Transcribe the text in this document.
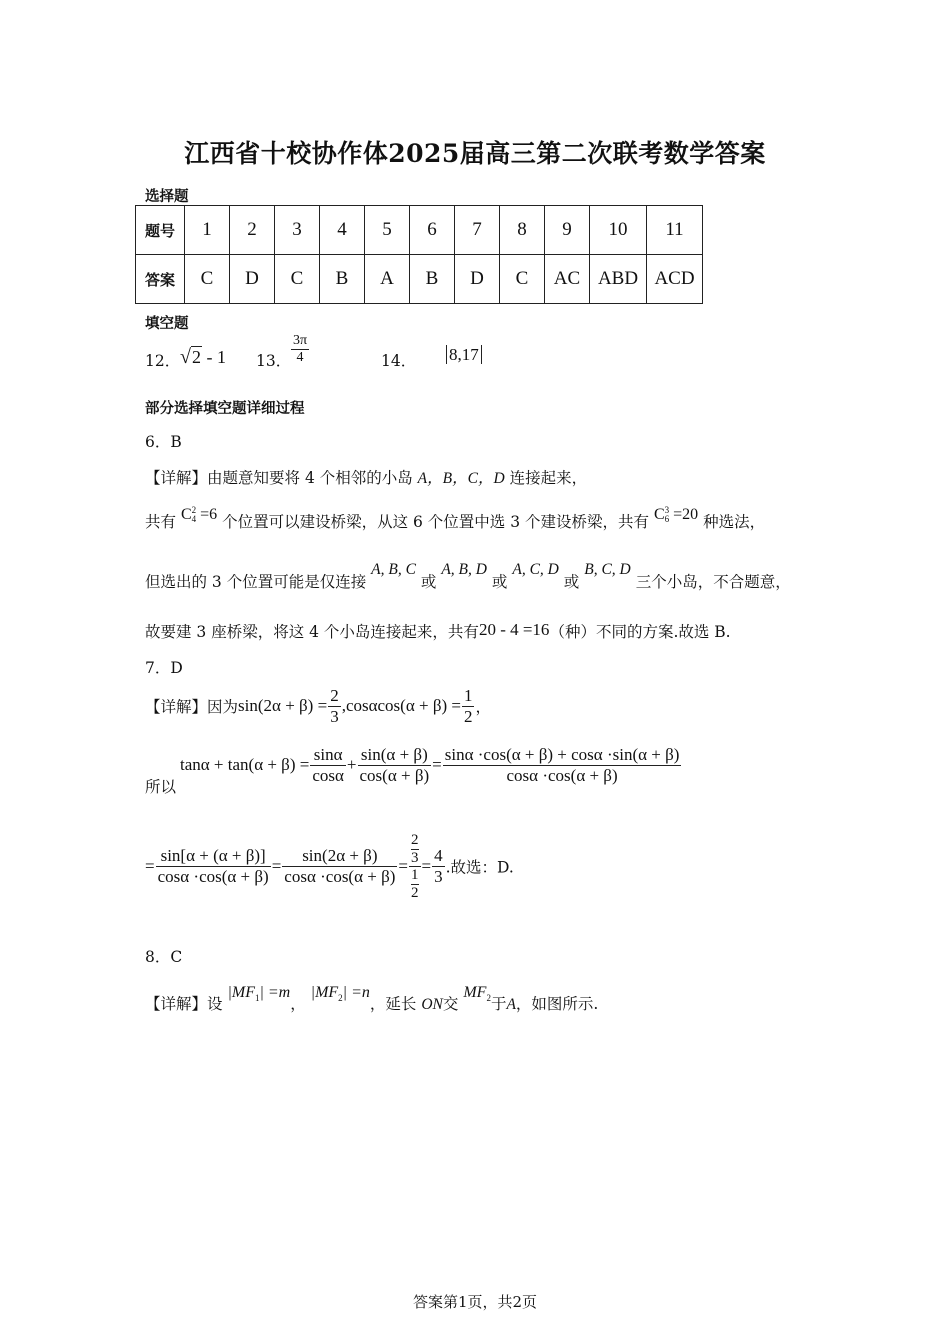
江西省十校协作体2025届高三第二次联考数学答案
选择题
题号	1	2	3	4	5	6	7	8	9	10	11
答案	C	D	C	B	A	B	D	C	AC	ABD	ACD
填空题
12． √2 - 1 13． $\frac{3\pi}{4}$	14． 8,17
部分选择填空题详细过程
6．B
【详解】由题意知要将 4 个相邻的小岛 A，B，C，D 连接起来，
共有 C 2
4 =6 个位置可以建设桥梁，从这 6 个位置中选 3 个建设桥梁，共有 C 3
6 =20 种选法，
但选出的 3 个位置可能是仅连接 A, B, C 或 A, B, D 或 A, C, D 或 B, C, D 三个小岛，不合题意，
故要建 3 座桥梁，将这 4 个小岛连接起来，共有20 - 4 =16（种）不同的方案.故选 B.
7．D
【详解】因为$\sin(2\alpha + \beta) = \frac{2}{3} ,\cos\alpha\cos(\alpha + \beta) = \frac{1}{2}$ ，
所以
$\tan\alpha + \tan(\alpha + \beta) = \frac{\sin\alpha}{\cos\alpha} + \frac{\sin(\alpha + \beta)}{\cos(\alpha + \beta)} = \frac{\sin\alpha \cdot\cos(\alpha + \beta) + \cos\alpha \cdot\sin(\alpha + \beta)}{\cos\alpha \cdot\cos(\alpha + \beta)}$
= $\frac{\sin[\alpha + (\alpha + \beta)]}{\cos\alpha \cdot\cos(\alpha + \beta)} = \frac{\sin(2\alpha + \beta)}{\cos\alpha \cdot\cos(\alpha + \beta)} = 2$
3
1
$2 = \frac{4}{3}$ .故选：D.
8．C
【详解】设 $|MF_1| =m$， $|MF_2| =n$，延长 ON交 $MF_2$于A，如图所示.
答案第1页，共2页
